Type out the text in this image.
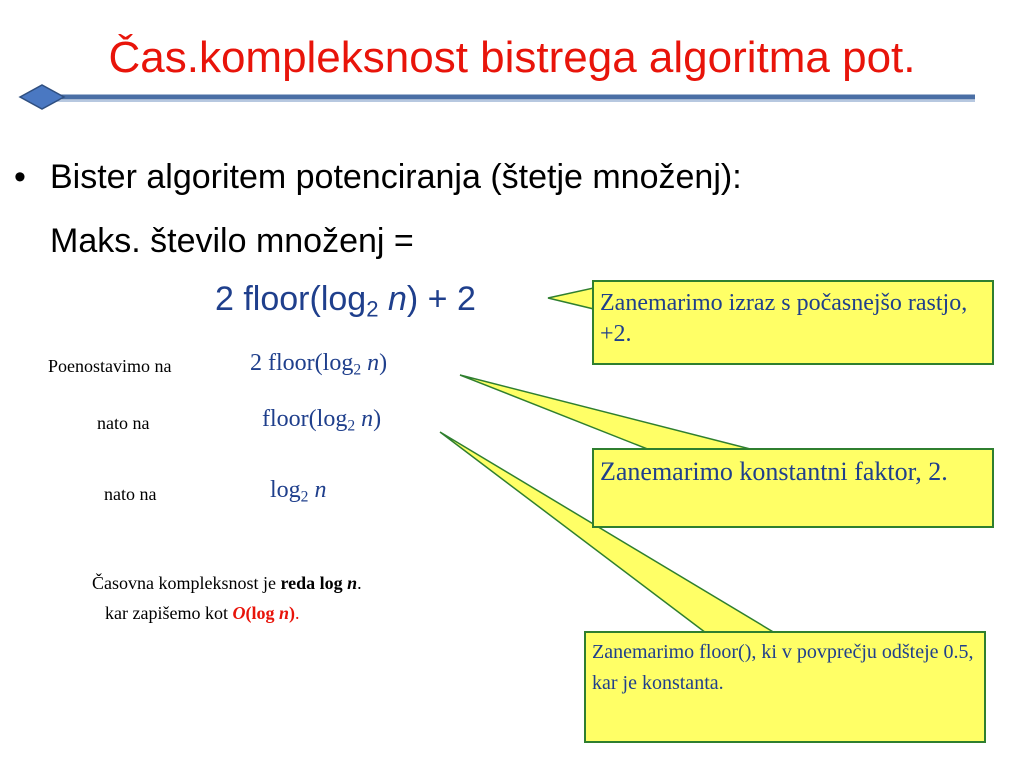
Čas.kompleksnost bistrega algoritma pot.
• Bister algoritem potenciranja (štetje množenj):
Maks. število množenj =
2 $floor(\log_2$ n) + 2
Poenostavimo na	2 $floor(\log_2$ n)
nato na	$floor(\log_2$ n)
nato na	$\log_2 n$
Zanemarimo izraz s počasnejšo rastjo, +2.
Zanemarimo konstantni faktor, 2.
Zanemarimo floor(), ki v povprečju odšteje 0.5, kar je konstanta.
Časovna kompleksnost je reda log n.
kar zapišemo kot O(log n).
